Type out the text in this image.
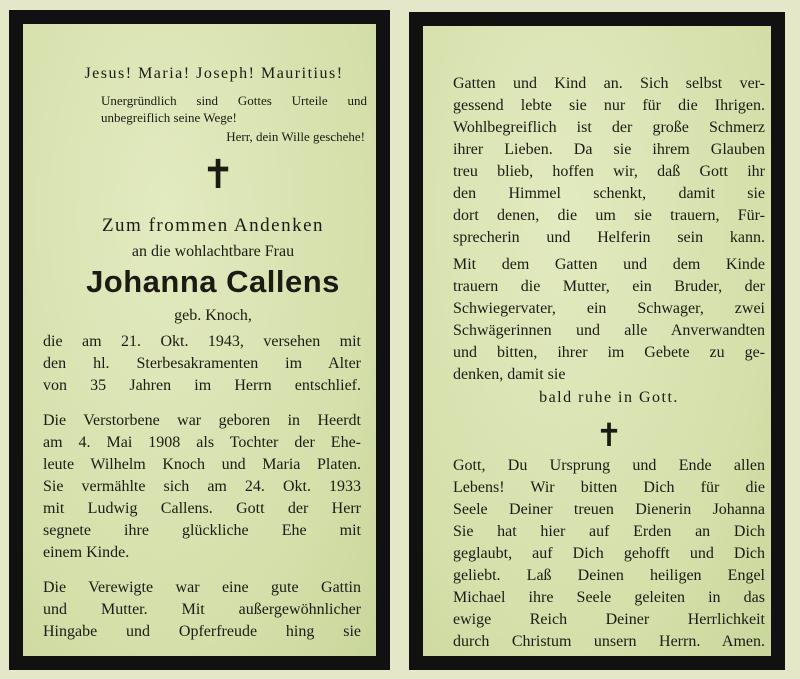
Jesus! Maria! Joseph! Mauritius!
Unergründlich sind Gottes Urteile und
unbegreiflich seine Wege!
Herr, dein Wille geschehe!
✝
Zum frommen Andenken
an die wohlachtbare Frau
Johanna Callens
geb. Knoch,
die am 21. Okt. 1943, versehen mit
den hl. Sterbesakramenten im Alter
von 35 Jahren im Herrn entschlief.
Die Verstorbene war geboren in Heerdt
am 4. Mai 1908 als Tochter der Ehe-
leute Wilhelm Knoch und Maria Platen.
Sie vermählte sich am 24. Okt. 1933
mit Ludwig Callens. Gott der Herr
segnete ihre glückliche Ehe mit
einem Kinde.
Die Verewigte war eine gute Gattin
und Mutter. Mit außergewöhnlicher
Hingabe und Opferfreude hing sie
Gatten und Kind an. Sich selbst ver-
gessend lebte sie nur für die Ihrigen.
Wohlbegreiflich ist der große Schmerz
ihrer Lieben. Da sie ihrem Glauben
treu blieb, hoffen wir, daß Gott ihr
den Himmel schenkt, damit sie
dort denen, die um sie trauern, Für-
sprecherin und Helferin sein kann.
Mit dem Gatten und dem Kinde
trauern die Mutter, ein Bruder, der
Schwiegervater, ein Schwager, zwei
Schwägerinnen und alle Anverwandten
und bitten, ihrer im Gebete zu ge-
denken, damit sie
bald ruhe in Gott.
✝
Gott, Du Ursprung und Ende allen
Lebens! Wir bitten Dich für die
Seele Deiner treuen Dienerin Johanna
Sie hat hier auf Erden an Dich
geglaubt, auf Dich gehofft und Dich
geliebt. Laß Deinen heiligen Engel
Michael ihre Seele geleiten in das
ewige Reich Deiner Herrlichkeit
durch Christum unsern Herrn. Amen.
